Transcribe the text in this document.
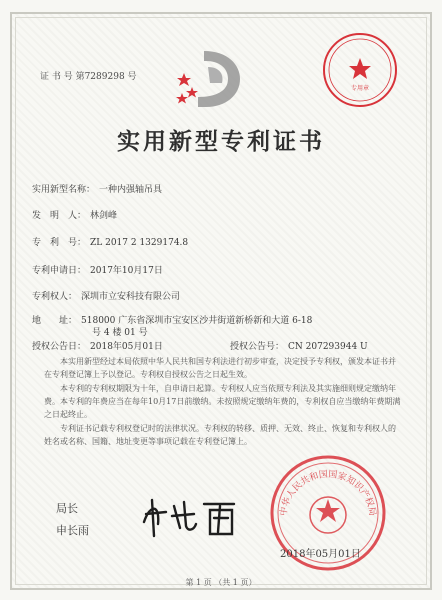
专用章
证 书 号 第7289298 号
实用新型专利证书
实用新型名称： 一种内强轴吊具
发　明　人： 林剑峰
专　利　号： ZL 2017 2 1329174.8
专利申请日： 2017年10月17日
专利权人： 深圳市立安科技有限公司
地　　址： 518000 广东省深圳市宝安区沙井街道新桥新和大道 6-18
号 4 楼 01 号
授权公告日： 2018年05月01日	授权公告号： CN 207293944 U
本实用新型经过本局依照中华人民共和国专利法进行初步审查，决定授予专利权，颁发本证书并在专利登记簿上予以登记。专利权自授权公告之日起生效。
本专利的专利权期限为十年，自申请日起算。专利权人应当依照专利法及其实施细则规定缴纳年费。本专利的年费应当在每年10月17日前缴纳。未按照规定缴纳年费的，专利权自应当缴纳年费期满之日起终止。
专利证书记载专利权登记时的法律状况。专利权的转移、质押、无效、终止、恢复和专利权人的姓名或名称、国籍、地址变更等事项记载在专利登记簿上。
中华人民共和国国家知识产权局
局长
申长雨
2018年05月01日
第 1 页 （共 1 页）
